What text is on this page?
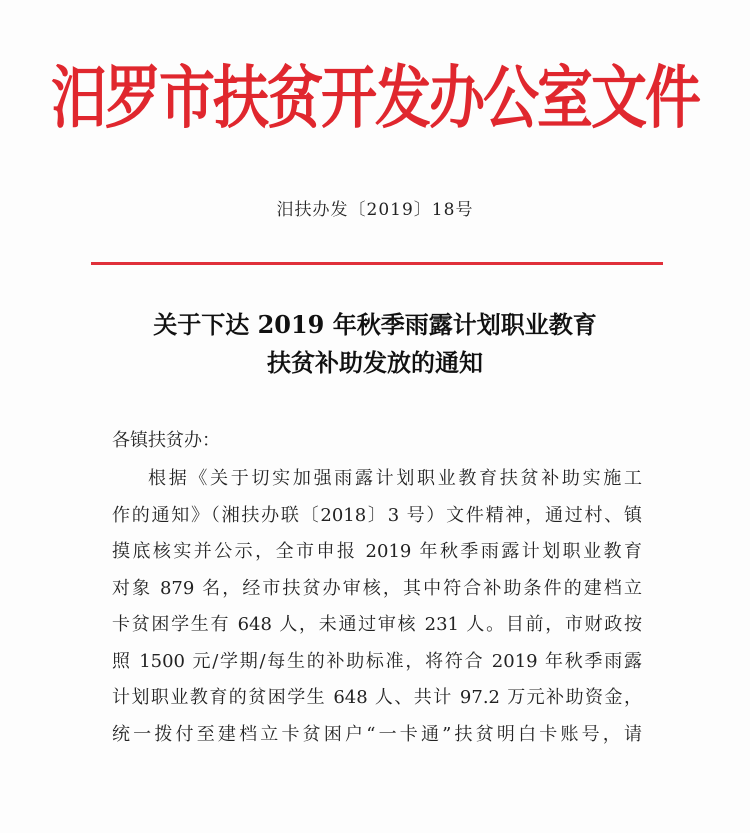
汨罗市扶贫开发办公室文件
汨扶办发〔2019〕18号
关于下达 2019 年秋季雨露计划职业教育
扶贫补助发放的通知
各镇扶贫办：
根据《关于切实加强雨露计划职业教育扶贫补助实施工
作的通知》（湘扶办联〔2018〕3 号）文件精神，通过村、镇
摸底核实并公示，全市申报 2019 年秋季雨露计划职业教育
对象 879 名，经市扶贫办审核，其中符合补助条件的建档立
卡贫困学生有 648 人，未通过审核 231 人。目前，市财政按
照 1500 元/学期/每生的补助标准，将符合 2019 年秋季雨露
计划职业教育的贫困学生 648 人、共计 97.2 万元补助资金，
统一拨付至建档立卡贫困户“一卡通”扶贫明白卡账号，请
